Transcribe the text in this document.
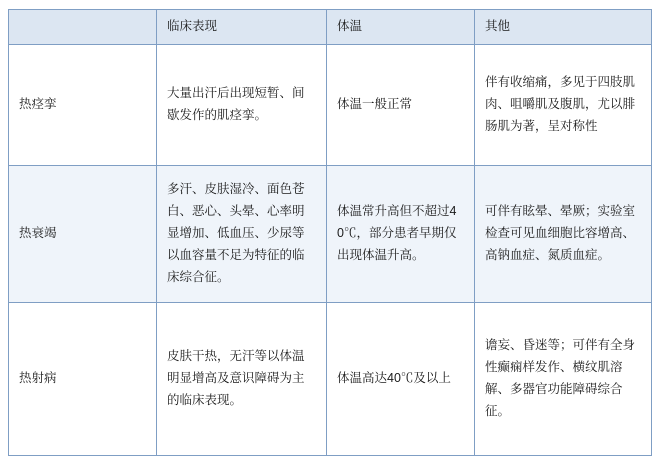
	临床表现	体温	其他
热痉挛	大量出汗后出现短暂、间歇发作的肌痉挛。	体温一般正常	伴有收缩痛，多见于四肢肌肉、咀嚼肌及腹肌，尤以腓肠肌为著，呈对称性
热衰竭	多汗、皮肤湿冷、面色苍白、恶心、头晕、心率明显增加、低血压、少尿等以血容量不足为特征的临床综合征。	体温常升高但不超过40℃，部分患者早期仅出现体温升高。	可伴有眩晕、晕厥；实验室检查可见血细胞比容增高、高钠血症、氮质血症。
热射病	皮肤干热，无汗等以体温明显增高及意识障碍为主的临床表现。	体温高达40℃及以上	谵妄、昏迷等；可伴有全身性癫痫样发作、横纹肌溶解、多器官功能障碍综合征。
